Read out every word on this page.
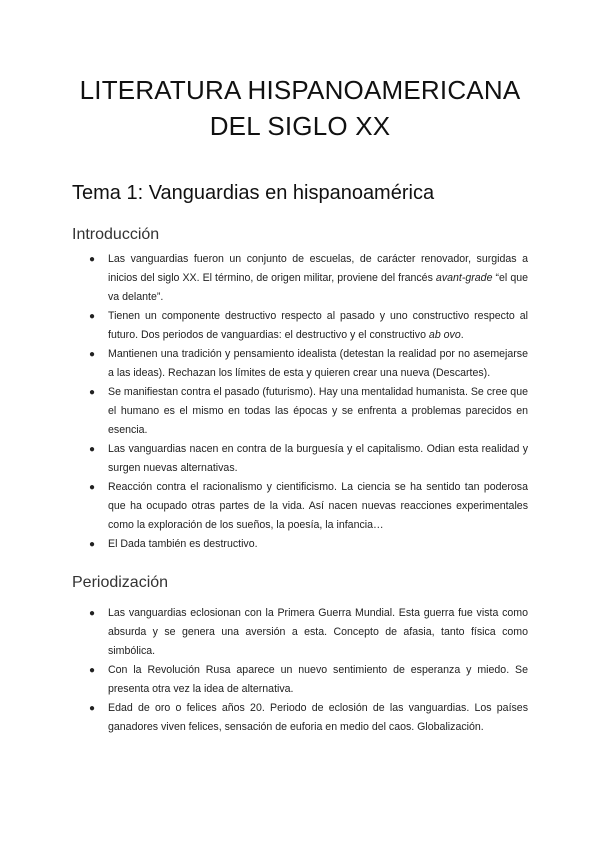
LITERATURA HISPANOAMERICANA
DEL SIGLO XX
Tema 1: Vanguardias en hispanoamérica
Introducción
● Las vanguardias fueron un conjunto de escuelas, de carácter renovador, surgidas a inicios del siglo XX. El término, de origen militar, proviene del francés avant-grade “el que va delante”.
● Tienen un componente destructivo respecto al pasado y uno constructivo respecto al futuro. Dos periodos de vanguardias: el destructivo y el constructivo ab ovo.
● Mantienen una tradición y pensamiento idealista (detestan la realidad por no asemejarse a las ideas). Rechazan los límites de esta y quieren crear una nueva (Descartes).
● Se manifiestan contra el pasado (futurismo). Hay una mentalidad humanista. Se cree que el humano es el mismo en todas las épocas y se enfrenta a problemas parecidos en esencia.
● Las vanguardias nacen en contra de la burguesía y el capitalismo. Odian esta realidad y surgen nuevas alternativas.
● Reacción contra el racionalismo y cientificismo. La ciencia se ha sentido tan poderosa que ha ocupado otras partes de la vida. Así nacen nuevas reacciones experimentales como la exploración de los sueños, la poesía, la infancia…
● El Dada también es destructivo.
Periodización
● Las vanguardias eclosionan con la Primera Guerra Mundial. Esta guerra fue vista como absurda y se genera una aversión a esta. Concepto de afasia, tanto física como simbólica.
● Con la Revolución Rusa aparece un nuevo sentimiento de esperanza y miedo. Se presenta otra vez la idea de alternativa.
● Edad de oro o felices años 20. Periodo de eclosión de las vanguardias. Los países ganadores viven felices, sensación de euforia en medio del caos. Globalización.
